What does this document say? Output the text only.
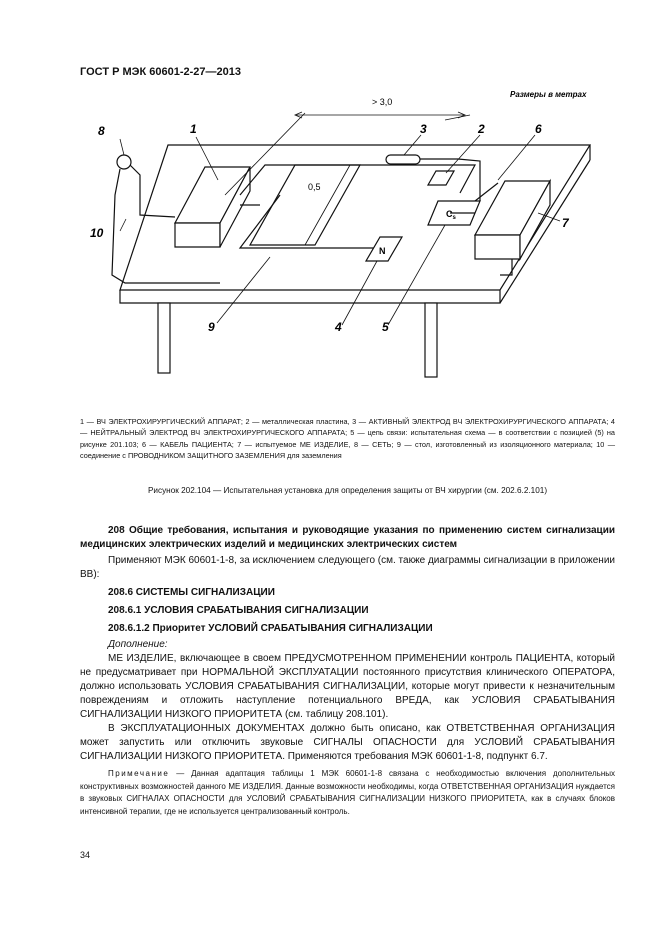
ГОСТ Р МЭК 60601-2-27—2013
Размеры в метрах
> 3,0
0,5
N
$C_s$
1	2
3
4	5
6
7
8
9
10

1 — ВЧ ЭЛЕКТРОХИРУРГИЧЕСКИЙ АППАРАТ; 2 — металлическая пластина, 3 — АКТИВНЫЙ ЭЛЕКТРОД ВЧ ЭЛЕКТРОХИРУРГИЧЕСКОГО АППАРАТА; 4 — НЕЙТРАЛЬНЫЙ ЭЛЕКТРОД ВЧ ЭЛЕКТРОХИРУРГИЧЕСКОГО АППАРАТА; 5 — цепь связи: испытательная схема — в соответствии с позицией (5) на рисунке 201.103; 6 — КАБЕЛЬ ПАЦИЕНТА; 7 — испытуемое МЕ ИЗДЕЛИЕ, 8 — СЕТЬ; 9 — стол, изготовленный из изоляционного материала; 10 — соединение с ПРОВОДНИКОМ ЗАЩИТНОГО ЗАЗЕМЛЕНИЯ для заземления

Рисунок 202.104 — Испытательная установка для определения защиты от ВЧ хирургии (см. 202.6.2.101)

208 Общие требования, испытания и руководящие указания по применению систем сигнализации медицинских электрических изделий и медицинских электрических систем

Применяют МЭК 60601-1-8, за исключением следующего (см. также диаграммы сигнализации в приложении ВВ):

208.6 СИСТЕМЫ СИГНАЛИЗАЦИИ

208.6.1 УСЛОВИЯ СРАБАТЫВАНИЯ СИГНАЛИЗАЦИИ

208.6.1.2 Приоритет УСЛОВИЙ СРАБАТЫВАНИЯ СИГНАЛИЗАЦИИ

Дополнение:

МЕ ИЗДЕЛИЕ, включающее в своем ПРЕДУСМОТРЕННОМ ПРИМЕНЕНИИ контроль ПАЦИЕНТА, который не предусматривает при НОРМАЛЬНОЙ ЭКСПЛУАТАЦИИ постоянного присутствия клинического ОПЕРАТОРА, должно использовать УСЛОВИЯ СРАБАТЫВАНИЯ СИГНАЛИЗАЦИИ, которые могут привести к незначительным повреждениям и отложить наступление потенциального ВРЕДА, как УСЛОВИЯ СРАБАТЫВАНИЯ СИГНАЛИЗАЦИИ НИЗКОГО ПРИОРИТЕТА (см. таблицу 208.101).

В ЭКСПЛУАТАЦИОННЫХ ДОКУМЕНТАХ должно быть описано, как ОТВЕТСТВЕННАЯ ОРГАНИЗАЦИЯ может запустить или отключить звуковые СИГНАЛЫ ОПАСНОСТИ для УСЛОВИЙ СРАБАТЫВАНИЯ СИГНАЛИЗАЦИИ НИЗКОГО ПРИОРИТЕТА. Применяются требования МЭК 60601-1-8, подпункт 6.7.

Примечание — Данная адаптация таблицы 1 МЭК 60601-1-8 связана с необходимостью включения дополнительных конструктивных возможностей данного МЕ ИЗДЕЛИЯ. Данные возможности необходимы, когда ОТВЕТСТВЕННАЯ ОРГАНИЗАЦИЯ нуждается в звуковых СИГНАЛАХ ОПАСНОСТИ для УСЛОВИЙ СРАБАТЫВАНИЯ СИГНАЛИЗАЦИИ НИЗКОГО ПРИОРИТЕТА, как в случаях блоков интенсивной терапии, где не используется централизованный контроль.

34
